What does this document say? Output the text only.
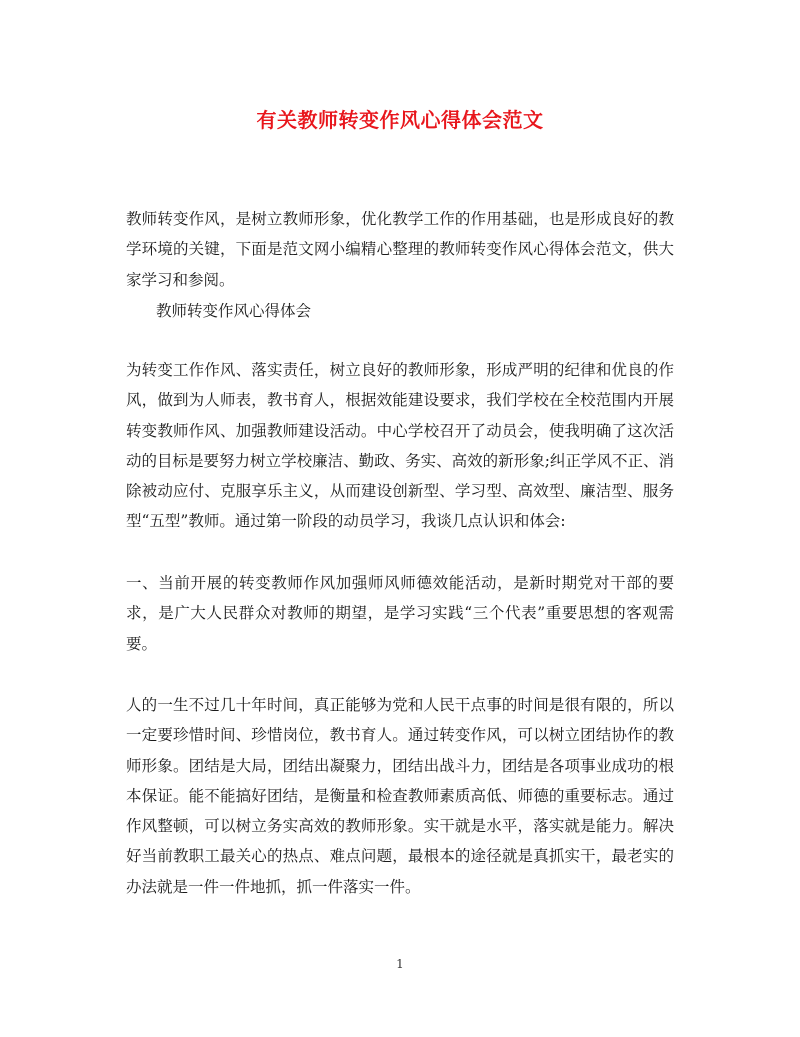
有关教师转变作风心得体会范文
教师转变作风，是树立教师形象，优化教学工作的作用基础，也是形成良好的教学环境的关键，下面是范文网小编精心整理的教师转变作风心得体会范文，供大家学习和参阅。
教师转变作风心得体会
为转变工作作风、落实责任，树立良好的教师形象，形成严明的纪律和优良的作风，做到为人师表，教书育人，根据效能建设要求，我们学校在全校范围内开展转变教师作风、加强教师建设活动。中心学校召开了动员会，使我明确了这次活动的目标是要努力树立学校廉洁、勤政、务实、高效的新形象;纠正学风不正、消除被动应付、克服享乐主义，从而建设创新型、学习型、高效型、廉洁型、服务型“五型”教师。通过第一阶段的动员学习，我谈几点认识和体会:
一、当前开展的转变教师作风加强师风师德效能活动，是新时期党对干部的要求，是广大人民群众对教师的期望，是学习实践“三个代表”重要思想的客观需要。
人的一生不过几十年时间，真正能够为党和人民干点事的时间是很有限的，所以一定要珍惜时间、珍惜岗位，教书育人。通过转变作风，可以树立团结协作的教师形象。团结是大局，团结出凝聚力，团结出战斗力，团结是各项事业成功的根本保证。能不能搞好团结，是衡量和检查教师素质高低、师德的重要标志。通过作风整顿，可以树立务实高效的教师形象。实干就是水平，落实就是能力。解决好当前教职工最关心的热点、难点问题，最根本的途径就是真抓实干，最老实的办法就是一件一件地抓，抓一件落实一件。
1
